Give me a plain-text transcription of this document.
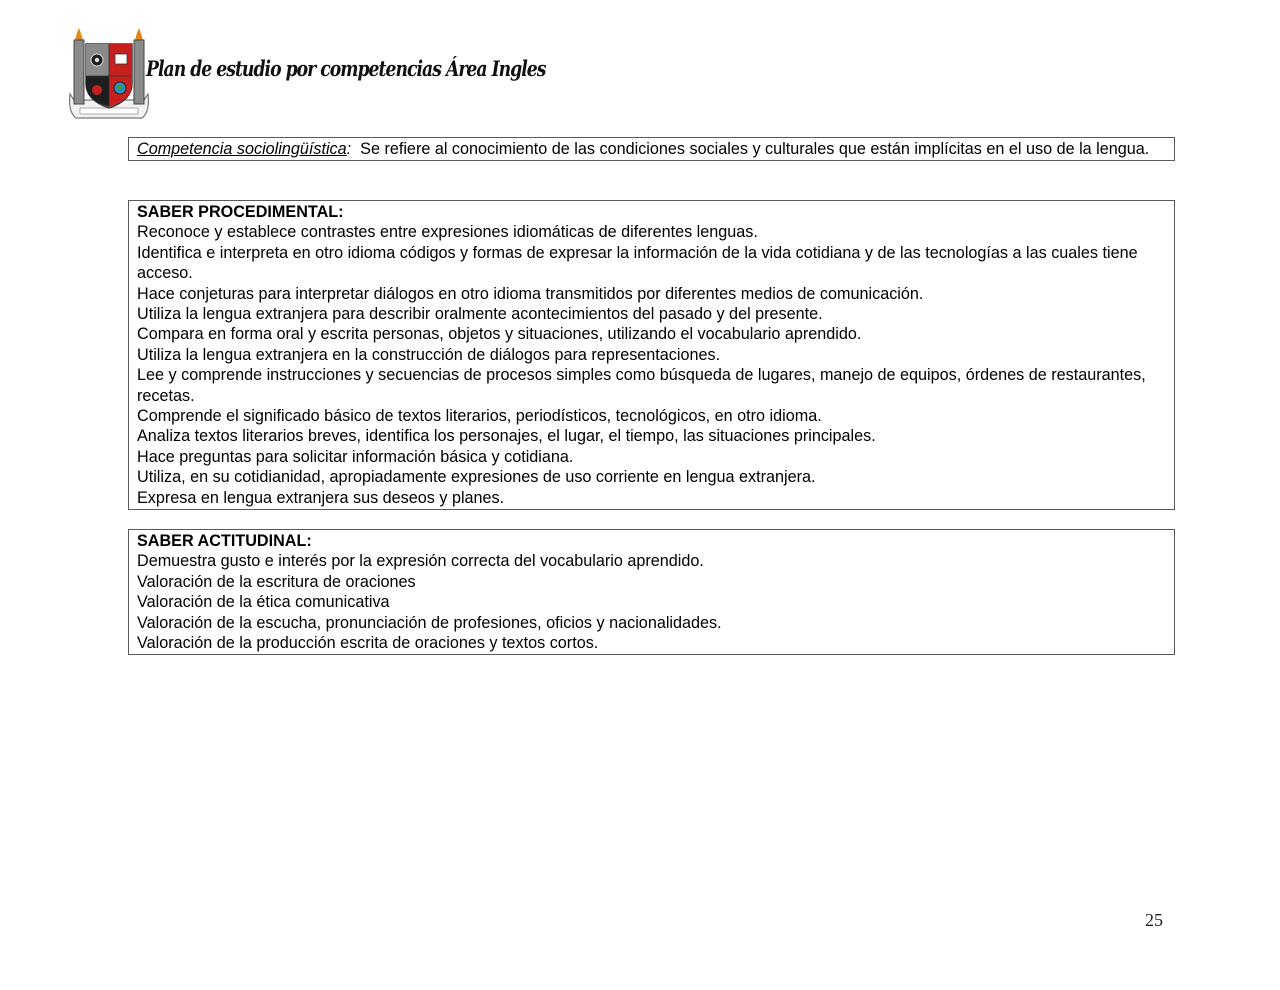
Plan de estudio por competencias Área Ingles

Competencia sociolingüística:  Se refiere al conocimiento de las condiciones sociales y culturales que están implícitas en el uso de la lengua.

SABER PROCEDIMENTAL:

Reconoce y establece contrastes entre expresiones idiomáticas de diferentes lenguas.

Identifica e interpreta en otro idioma códigos y formas de expresar la información de la vida cotidiana y de las tecnologías a las cuales tiene acceso.

Hace conjeturas para interpretar diálogos en otro idioma transmitidos por diferentes medios de comunicación.

Utiliza la lengua extranjera para describir oralmente acontecimientos del pasado y del presente.

Compara en forma oral y escrita personas, objetos y situaciones, utilizando el vocabulario aprendido.

Utiliza la lengua extranjera en la construcción de diálogos para representaciones.

Lee y comprende instrucciones y secuencias de procesos simples como búsqueda de lugares, manejo de equipos, órdenes de restaurantes, recetas.

Comprende el significado básico de textos literarios, periodísticos, tecnológicos, en otro idioma.

Analiza textos literarios breves, identifica los personajes, el lugar, el tiempo, las situaciones principales.

Hace preguntas para solicitar información básica y cotidiana.

Utiliza, en su cotidianidad, apropiadamente expresiones de uso corriente en lengua extranjera.

Expresa en lengua extranjera sus deseos y planes.

SABER ACTITUDINAL:

Demuestra gusto e interés por la expresión correcta del vocabulario aprendido.

Valoración de la escritura de oraciones

Valoración de la ética comunicativa

Valoración de la escucha, pronunciación de profesiones, oficios y nacionalidades.

Valoración de la producción escrita de oraciones y textos cortos.

25
